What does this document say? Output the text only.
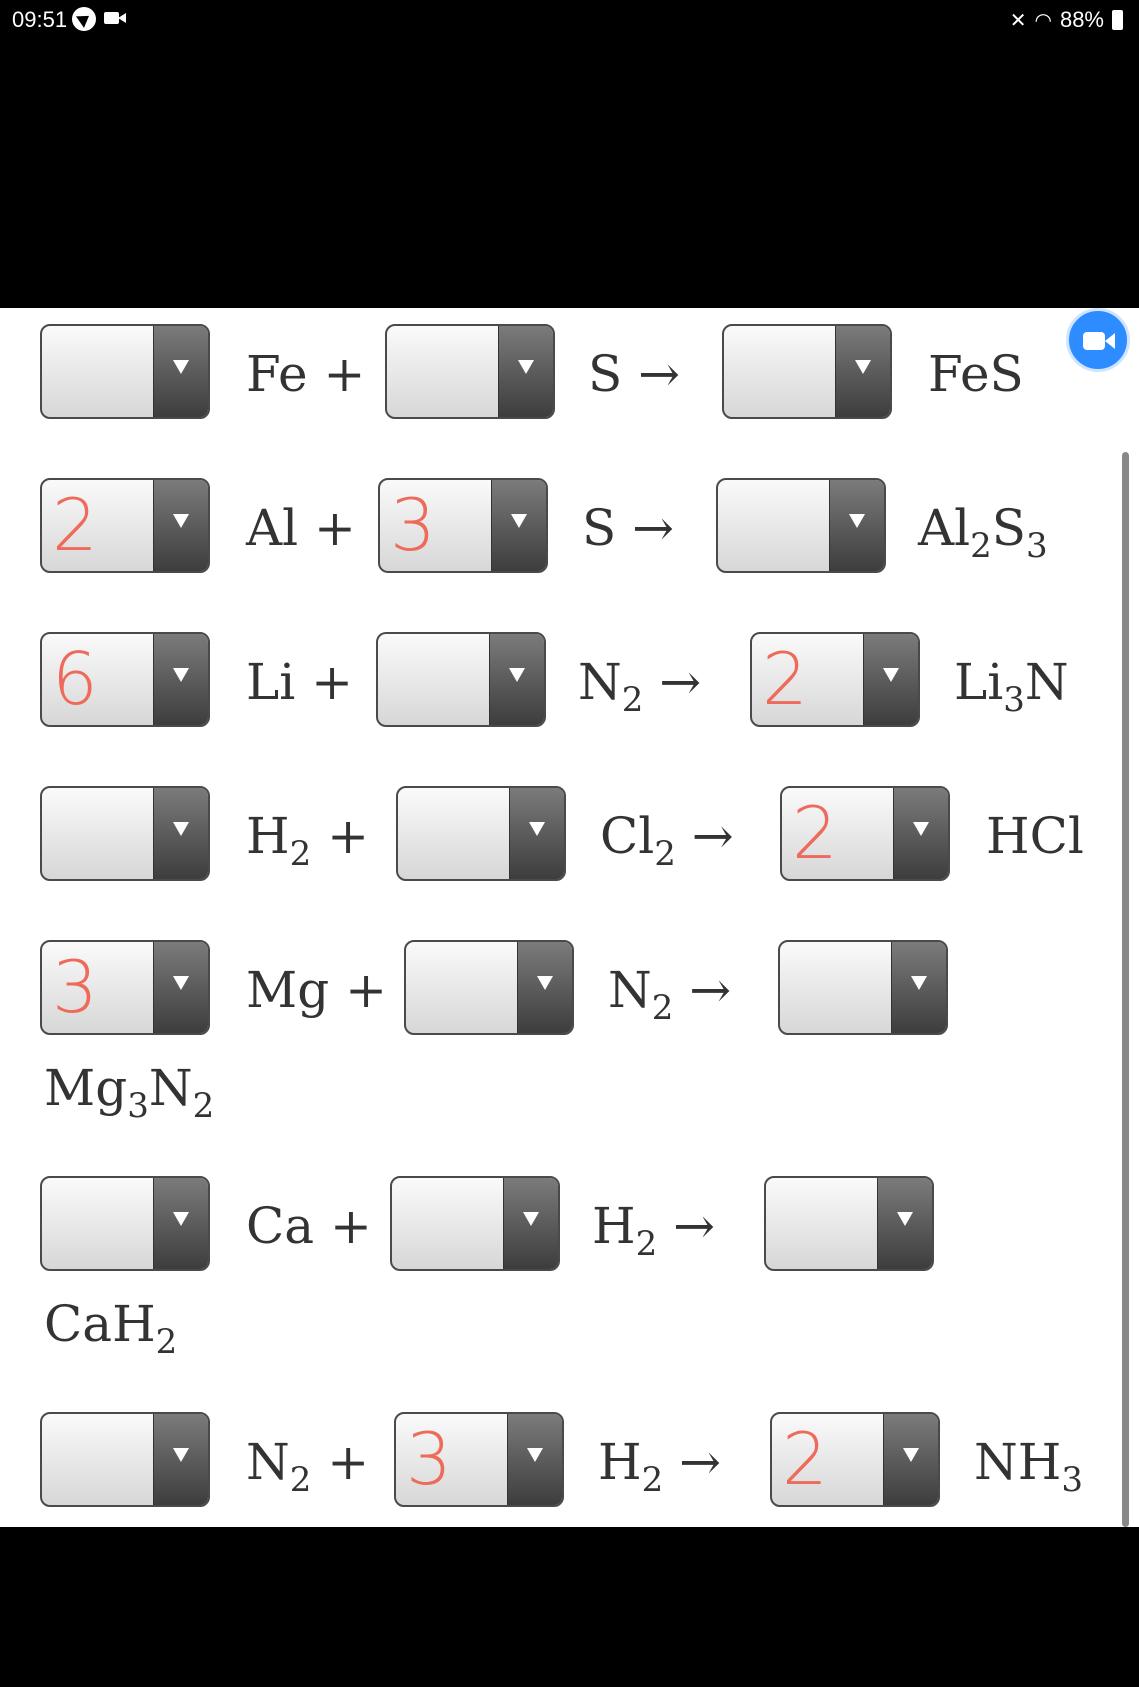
09:51	✕ ◠ 88%
Fe +	S →	FeS
2	Al + 3	S →	$Al_2S_3$
6	Li +	$N_2 \to 2$	$Li_3N$
$H_2$ +	$Cl_2 \to 2$	HCl
3	Mg +	$N_2$ →
$Mg_3N_2$
Ca +	$H_2$ →
CaH$_2$
$N_2 + 3$	$H_2 \to 2$	$NH_3$
